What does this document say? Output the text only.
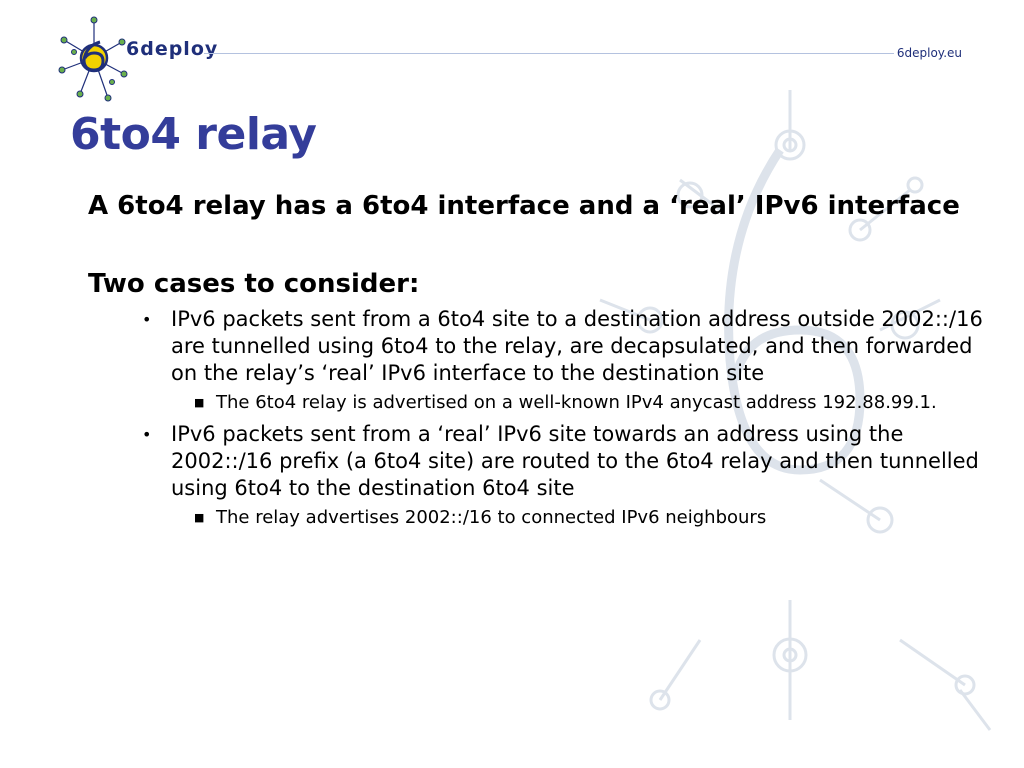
6deploy	6deploy.eu
6to4 relay

A 6to4 relay has a 6to4 interface and a ‘real’ IPv6 interface

Two cases to consider:

• IPv6 packets sent from a 6to4 site to a destination address outside 2002::/16 are tunnelled using 6to4 to the relay, are decapsulated, and then forwarded on the relay’s ‘real’ IPv6 interface to the destination site
■ The 6to4 relay is advertised on a well-known IPv4 anycast address 192.88.99.1.
• IPv6 packets sent from a ‘real’ IPv6 site towards an address using the 2002::/16 prefix (a 6to4 site) are routed to the 6to4 relay and then tunnelled using 6to4 to the destination 6to4 site
■ The relay advertises 2002::/16 to connected IPv6 neighbours
